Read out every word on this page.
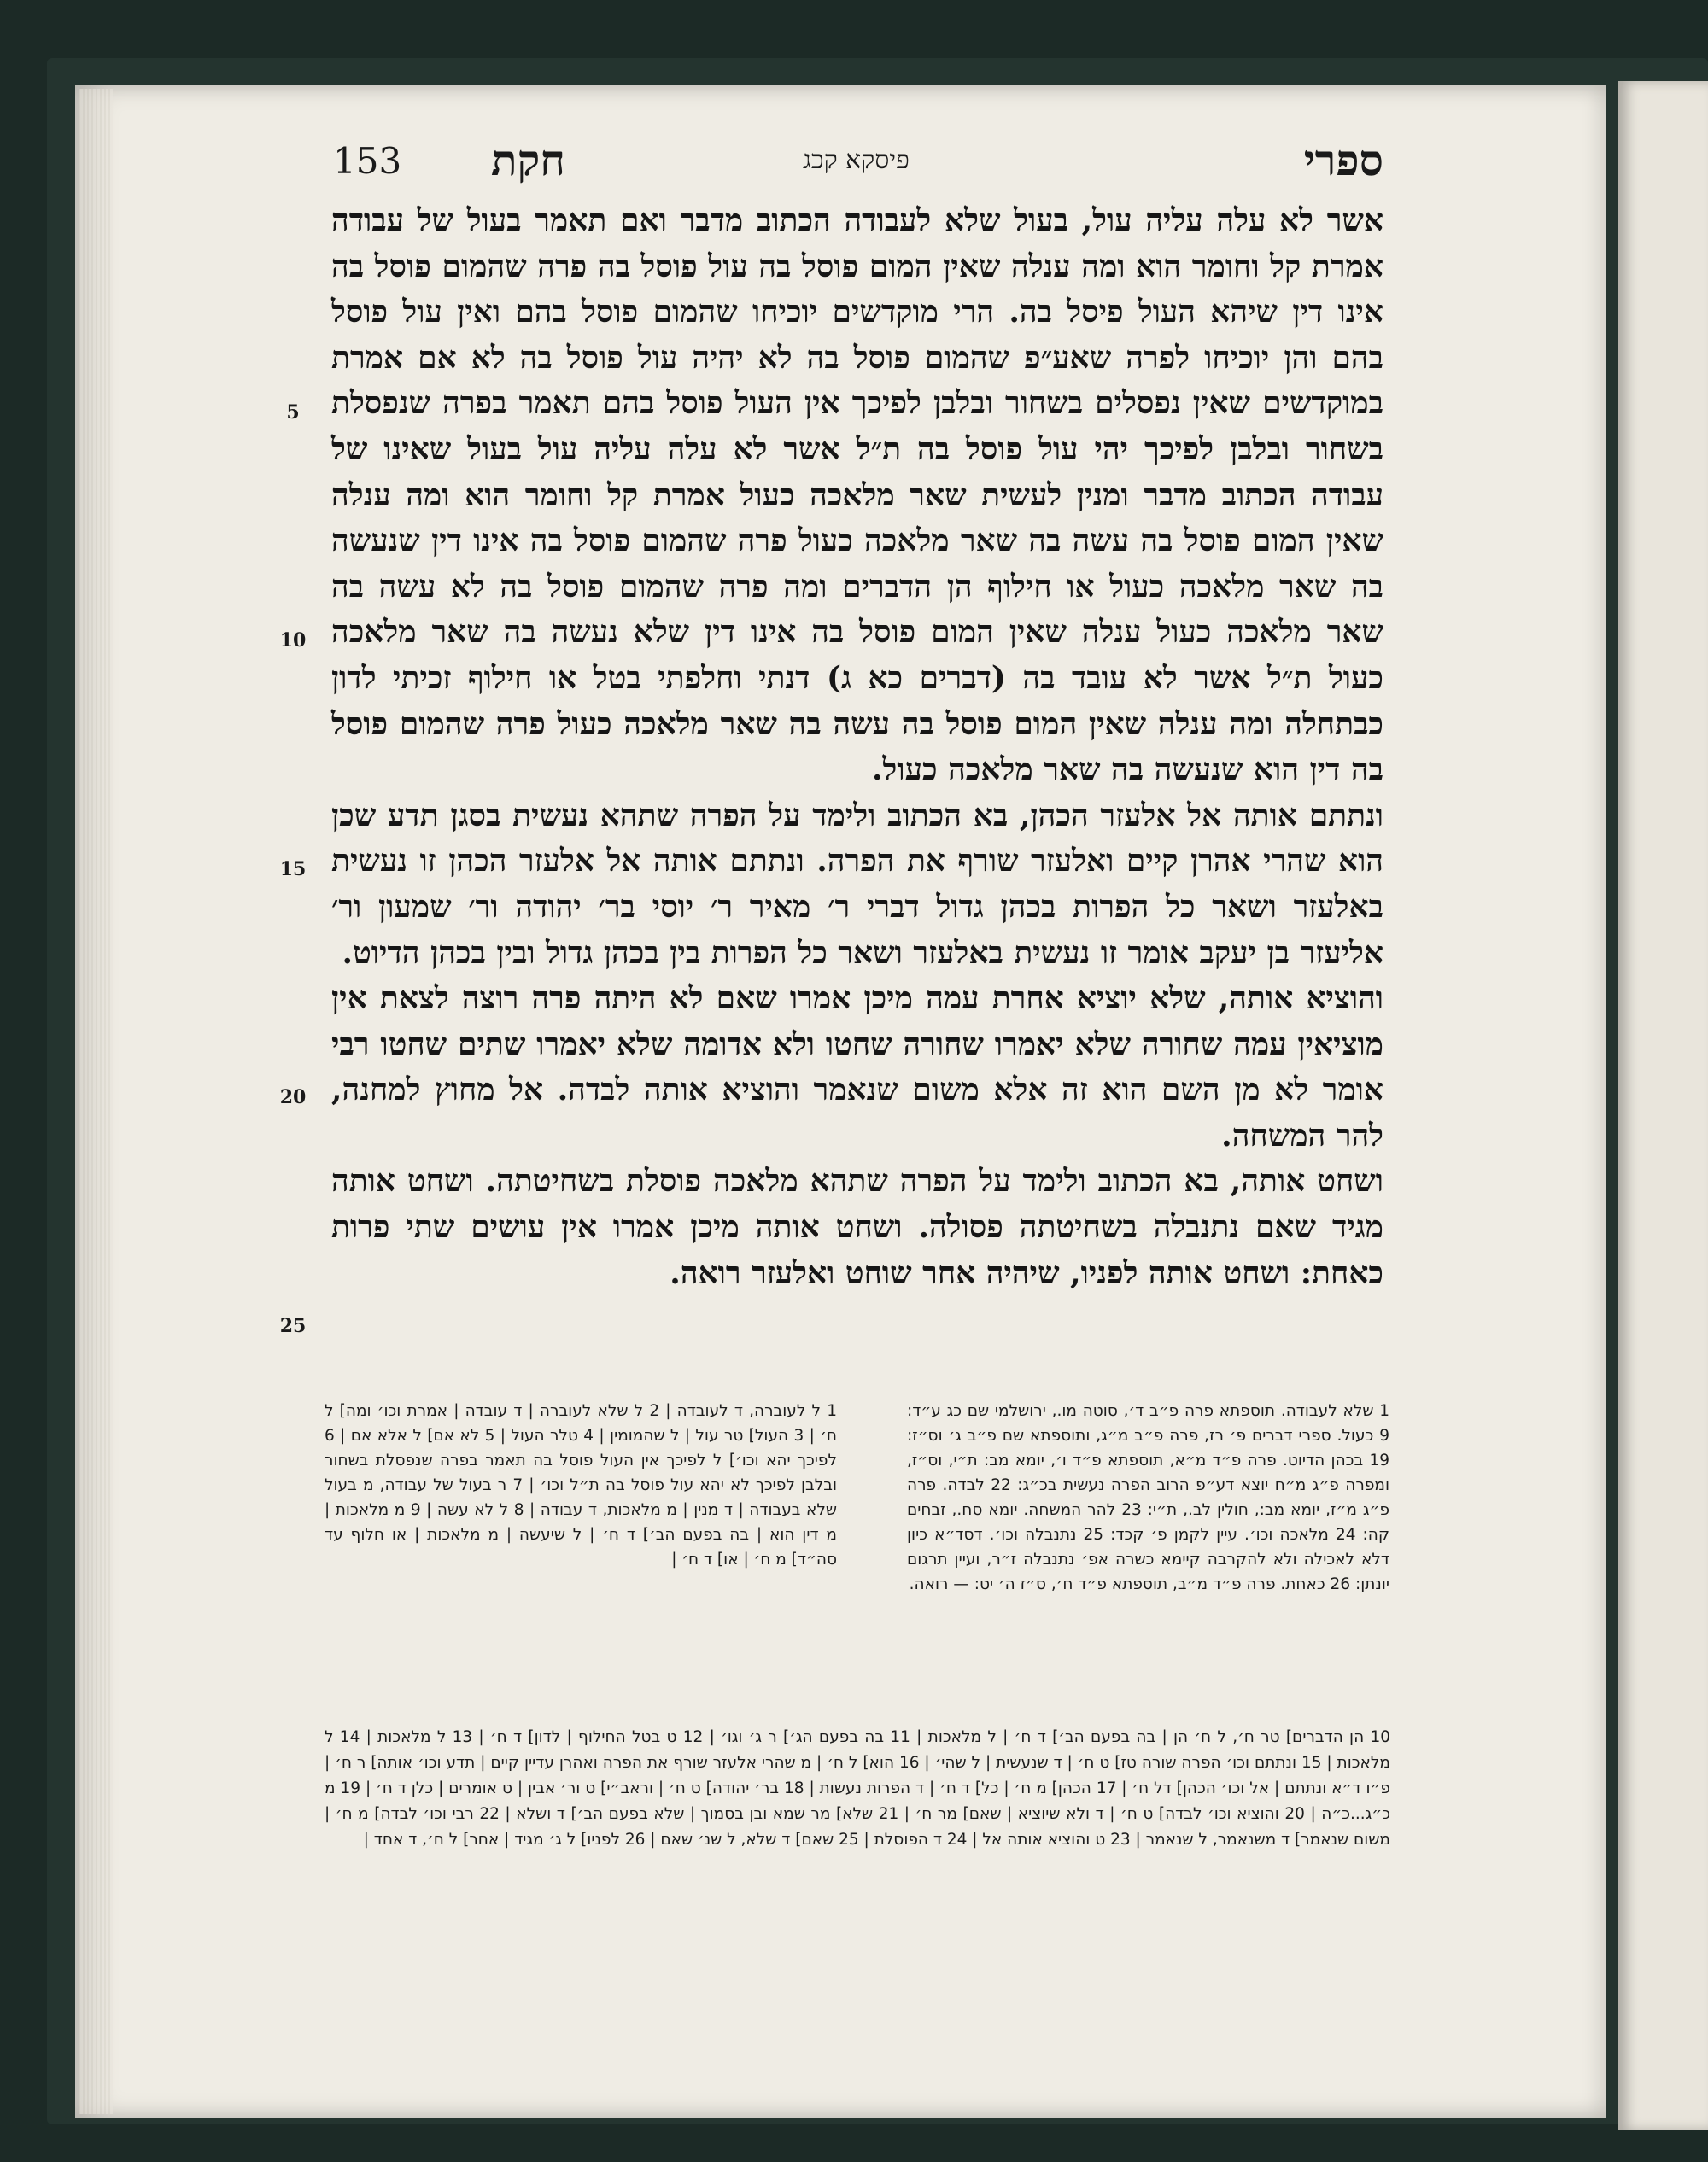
153 חקת	פיסקא קכג	ספרי
5
10
15
20
25

אשר לא עלה עליה עול, בעול שלא לעבודה הכתוב מדבר ואם תאמר בעול של עבודה אמרת קל וחומר הוא ומה ענלה שאין המום פוסל בה עול פוסל בה פרה שהמום פוסל בה אינו דין שיהא העול פיסל בה. הרי מוקדשים יוכיחו שהמום פוסל בהם ואין עול פוסל בהם והן יוכיחו לפרה שאע״פ שהמום פוסל בה לא יהיה עול פוסל בה לא אם אמרת במוקדשים שאין נפסלים בשחור ובלבן לפיכך אין העול פוסל בהם תאמר בפרה שנפסלת בשחור ובלבן לפיכך יהי עול פוסל בה ת״ל אשר לא עלה עליה עול בעול שאינו של עבודה הכתוב מדבר ומנין לעשית שאר מלאכה כעול אמרת קל וחומר הוא ומה ענלה שאין המום פוסל בה עשה בה שאר מלאכה כעול פרה שהמום פוסל בה אינו דין שנעשה בה שאר מלאכה כעול או חילוף הן הדברים ומה פרה שהמום פוסל בה לא עשה בה שאר מלאכה כעול ענלה שאין המום פוסל בה אינו דין שלא נעשה בה שאר מלאכה כעול ת״ל אשר לא עובד בה (דברים כא ג) דנתי וחלפתי בטל או חילוף זכיתי לדון כבתחלה ומה ענלה שאין המום פוסל בה עשה בה שאר מלאכה כעול פרה שהמום פוסל בה דין הוא שנעשה בה שאר מלאכה כעול.

ונתתם אותה אל אלעזר הכהן, בא הכתוב ולימד על הפרה שתהא נעשית בסגן תדע שכן הוא שהרי אהרן קיים ואלעזר שורף את הפרה. ונתתם אותה אל אלעזר הכהן זו נעשית באלעזר ושאר כל הפרות בכהן גדול דברי ר׳ מאיר ר׳ יוסי בר׳ יהודה ור׳ שמעון ור׳ אליעזר בן יעקב אומר זו נעשית באלעזר ושאר כל הפרות בין בכהן גדול ובין בכהן הדיוט.

והוציא אותה, שלא יוציא אחרת עמה מיכן אמרו שאם לא היתה פרה רוצה לצאת אין מוציאין עמה שחורה שלא יאמרו שחורה שחטו ולא אדומה שלא יאמרו שתים שחטו רבי אומר לא מן השם הוא זה אלא משום שנאמר והוציא אותה לבדה. אל מחוץ למחנה, להר המשחה.

ושחט אותה, בא הכתוב ולימד על הפרה שתהא מלאכה פוסלת בשחיטתה. ושחט אותה מגיד שאם נתנבלה בשחיטתה פסולה. ושחט אותה מיכן אמרו אין עושים שתי פרות כאחת: ושחט אותה לפניו, שיהיה אחר שוחט ואלעזר רואה.

1 שלא לעבודה. תוספתא פרה פ״ב ד׳, סוטה מו., ירושלמי שם כג ע״ד: 9 כעול. ספרי דברים פ׳ רז, פרה פ״ב מ״ג, ותוספתא שם פ״ב ג׳ וס״ז: 19 בכהן הדיוט. פרה פ״ד מ״א, תוספתא פ״ד ו׳, יומא מב: ת״י, וס״ז, ומפרה פ״ג מ״ח יוצא דע״פ הרוב הפרה נעשית בכ״ג: 22 לבדה. פרה פ״ג מ״ז, יומא מב:, חולין לב., ת״י: 23 להר המשחה. יומא סח., זבחים קה: 24 מלאכה וכו׳. עיין לקמן פ׳ קכד: 25 נתנבלה וכו׳. דסד״א כיון דלא לאכילה ולא להקרבה קיימא כשרה אפ׳ נתנבלה ז״ר, ועיין תרגום יונתן: 26 כאחת. פרה פ״ד מ״ב, תוספתא פ״ד ח׳, ס״ז ה׳ יט: — רואה.

1 ל לעוברה, ד לעובדה | 2 ל שלא לעוברה | ד עובדה | אמרת וכו׳ ומה] ל ח׳ | 3 העול] טר עול | ל שהמומין | 4 טלר העול | 5 לא אם] ל אלא אם | 6 לפיכך יהא וכו׳] ל לפיכך אין העול פוסל בה תאמר בפרה שנפסלת בשחור ובלבן לפיכך לא יהא עול פוסל בה ת״ל וכו׳ | 7 ר בעול של עבודה, מ בעול שלא בעבודה | ד מנין | מ מלאכות, ד עבודה | 8 ל לא עשה | 9 מ מלאכות | מ דין הוא | בה בפעם הב׳] ד ח׳ | ל שיעשה | מ מלאכות | או חלוף עד סה״ד] מ ח׳ | או] ד ח׳ |

10 הן הדברים] טר ח׳, ל ח׳ הן | בה בפעם הב׳] ד ח׳ | ל מלאכות | 11 בה בפעם הג׳] ר ג׳ וגו׳ | 12 ט בטל החילוף | לדון] ד ח׳ | 13 ל מלאכות | 14 ל מלאכות | 15 ונתתם וכו׳ הפרה שורה טז] ט ח׳ | ד שנעשית | ל שהי׳ | 16 הוא] ל ח׳ | מ שהרי אלעזר שורף את הפרה ואהרן עדיין קיים | תדע וכו׳ אותה] ר ח׳ | פ״ו ד״א ונתתם | אל וכו׳ הכהן] דל ח׳ | 17 הכהן] מ ח׳ | כל] ד ח׳ | ד הפרות נעשות | 18 בר׳ יהודה] ט ח׳ | וראב״י] ט ור׳ אבין | ט אומרים | כלן ד ח׳ | 19 מ כ״ג...כ״ה | 20 והוציא וכו׳ לבדה] ט ח׳ | ד ולא שיוציא | שאם] מר ח׳ | 21 שלא] מר שמא ובן בסמוך | שלא בפעם הב׳] ד ושלא | 22 רבי וכו׳ לבדה] מ ח׳ | משום שנאמר] ד משנאמר, ל שנאמר | 23 ט והוציא אותה אל | 24 ד הפוסלת | 25 שאם] ד שלא, ל שנ׳ שאם | 26 לפניו] ל ג׳ מגיד | אחר] ל ח׳, ד אחד |
